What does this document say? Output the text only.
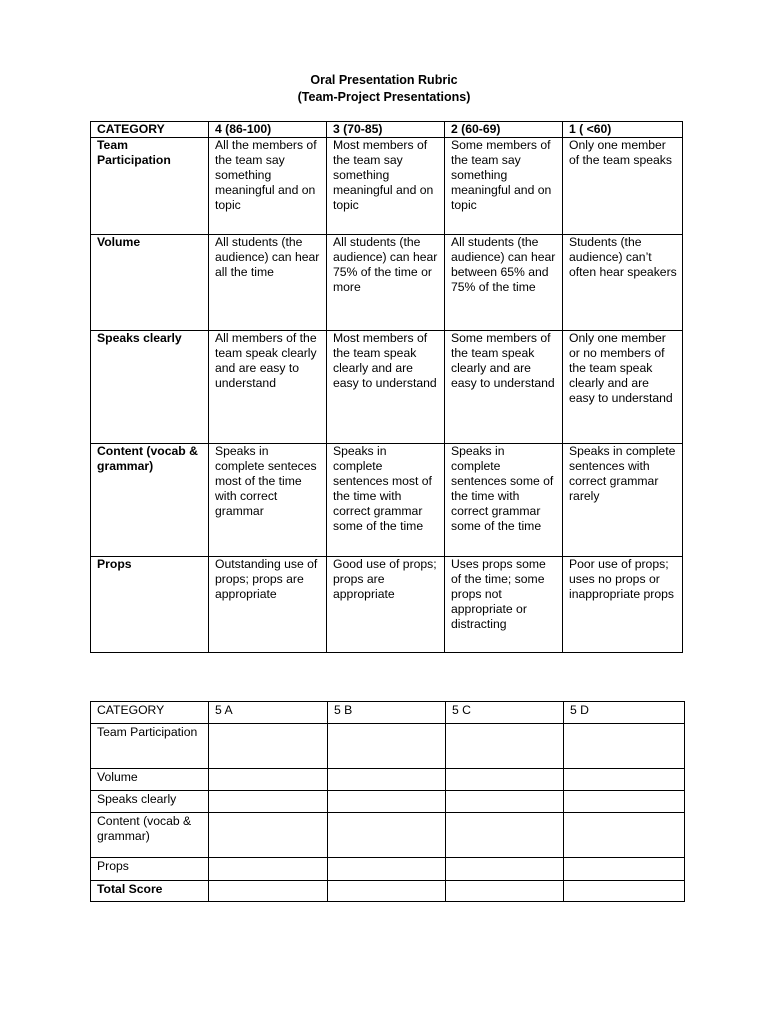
Oral Presentation Rubric
(Team-Project Presentations)
CATEGORY	4 (86-100)	3 (70-85)	2 (60-69)	1 ( <60)
Team Participation	All the members of the team say something meaningful and on topic	Most members of the team say something meaningful and on topic	Some members of the team say something meaningful and on topic	Only one member of the team speaks
Volume	All students (the audience) can hear all the time	All students (the audience) can hear 75% of the time or more	All students (the audience) can hear between 65% and 75% of the time	Students (the audience) can’t often hear speakers
Speaks clearly	All members of the team speak clearly and are easy to understand	Most members of the team speak clearly and are easy to understand	Some members of the team speak clearly and are easy to understand	Only one member or no members of the team speak clearly and are easy to understand
Content (vocab & grammar)	Speaks in complete senteces most of the time with correct grammar	Speaks in complete sentences most of the time with correct grammar some of the time	Speaks in complete sentences some of the time with correct grammar some of the time	Speaks in complete sentences with correct grammar rarely
Props	Outstanding use of props; props are appropriate	Good use of props; props are appropriate	Uses props some of the time; some props not appropriate or distracting	Poor use of props; uses no props or inappropriate props
CATEGORY	5 A	5 B	5 C	5 D
Team Participation				
Volume				
Speaks clearly				
Content (vocab & grammar)				
Props				
Total Score				
